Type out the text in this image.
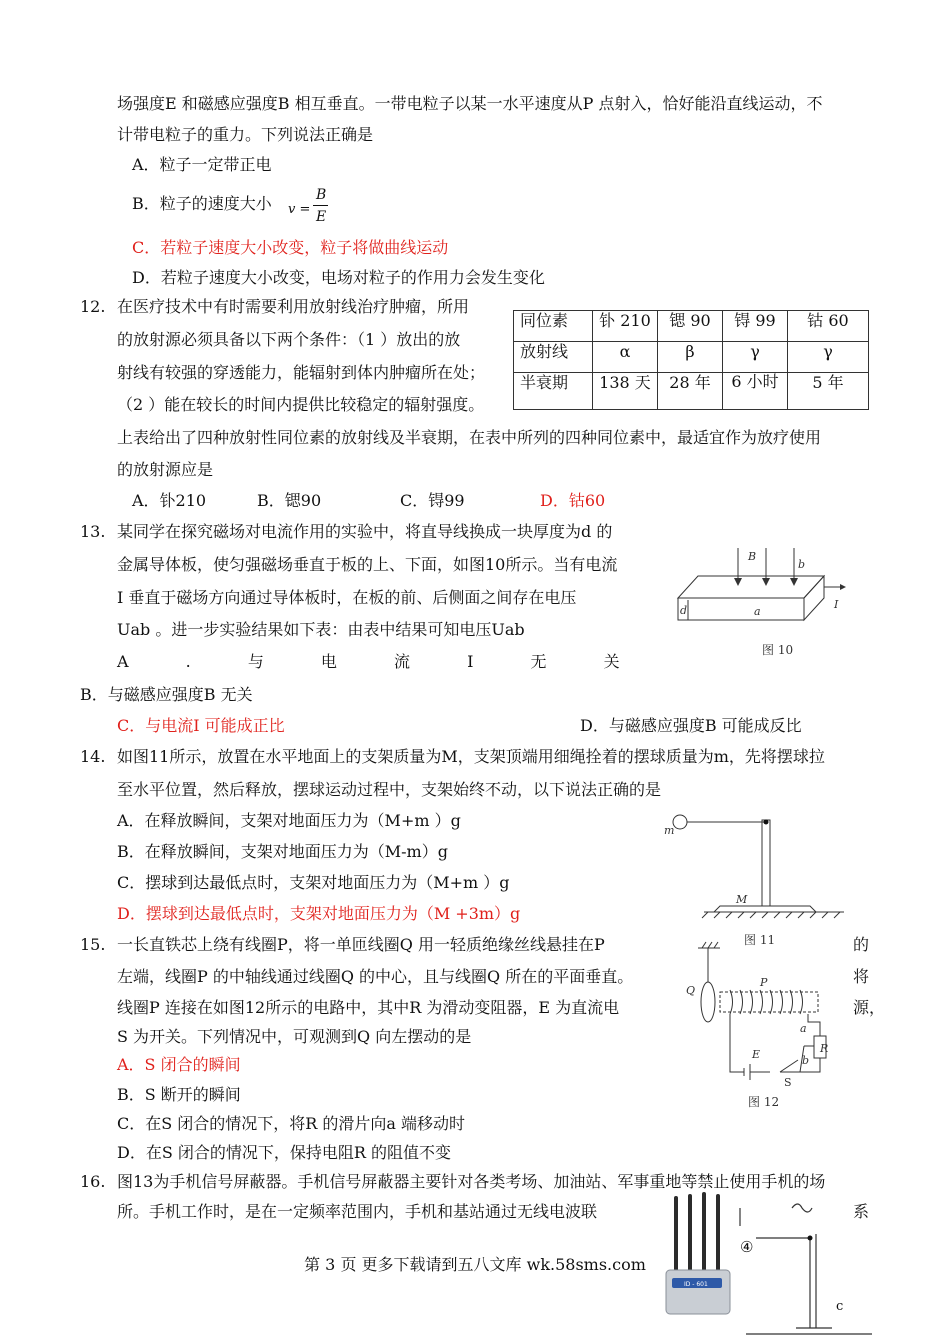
场强度E 和磁感应强度B 相互垂直。一带电粒子以某一水平速度从P 点射入，恰好能沿直线运动，不
计带电粒子的重力。下列说法正确是
A．粒子一定带正电
B．粒子的速度大小 v =
B
E
C．若粒子速度大小改变，粒子将做曲线运动
D．若粒子速度大小改变，电场对粒子的作用力会发生变化
12. 在医疗技术中有时需要利用放射线治疗肿瘤，所用
的放射源必须具备以下两个条件：（1 ）放出的放
射线有较强的穿透能力，能辐射到体内肿瘤所在处；
（2 ）能在较长的时间内提供比较稳定的辐射强度。
同位素	钋 210	锶 90	锝 99	钴 60
放射线	α	β	γ	γ
半衰期	138 天	28 年	6 小时	5 年
上表给出了四种放射性同位素的放射线及半衰期，在表中所列的四种同位素中，最适宜作为放疗使用
的放射源应是
A．钋210	B．锶90	C．锝99	D．钴60
13. 某同学在探究磁场对电流作用的实验中，将直导线换成一块厚度为d 的
金属导体板，使匀强磁场垂直于板的上、下面，如图10所示。当有电流
I 垂直于磁场方向通过导体板时，在板的前、后侧面之间存在电压
Uab 。进一步实验结果如下表：由表中结果可知电压Uab
A . 与 电 流 I 无 关
B．与磁感应强度B 无关
C．与电流I 可能成正比	D．与磁感应强度B 可能成反比
B
b
a
d	I
图 10
14. 如图11所示，放置在水平地面上的支架质量为M，支架顶端用细绳拴着的摆球质量为m，先将摆球拉
至水平位置，然后释放，摆球运动过程中，支架始终不动，以下说法正确的是
A．在释放瞬间，支架对地面压力为（M+m ）g
B．在释放瞬间，支架对地面压力为（M-m）g
C．摆球到达最低点时，支架对地面压力为（M+m ）g
D．摆球到达最低点时，支架对地面压力为（M +3m）g
m
M
图 11
15. 一长直铁芯上绕有线圈P，将一单匝线圈Q 用一轻质绝缘丝线悬挂在P	的
左端，线圈P 的中轴线通过线圈Q 的中心，且与线圈Q 所在的平面垂直。	将
线圈P 连接在如图12所示的电路中，其中R 为滑动变阻器，E 为直流电	源，
S 为开关。下列情况中，可观测到Q 向左摆动的是
A．S 闭合的瞬间
B．S 断开的瞬间
C．在S 闭合的情况下，将R 的滑片向a 端移动时
D．在S 闭合的情况下，保持电阻R 的阻值不变
Q
P
a
b
R
E
S
图 12
16. 图13为手机信号屏蔽器。手机信号屏蔽器主要针对各类考场、加油站、军事重地等禁止使用手机的场
所。手机工作时，是在一定频率范围内，手机和基站通过无线电波联	系
ID - 601
④
c
第 3 页 更多下载请到五八文库 wk.58sms.com
